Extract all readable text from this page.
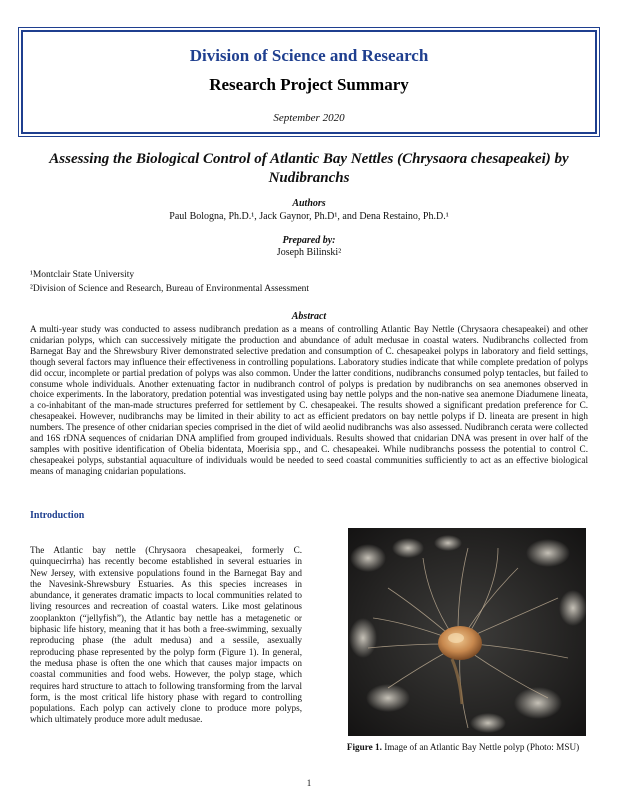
Division of Science and Research
Research Project Summary
September 2020
Assessing the Biological Control of Atlantic Bay Nettles (Chrysaora chesapeakei) by Nudibranchs
Authors
Paul Bologna, Ph.D.¹, Jack Gaynor, Ph.D¹, and Dena Restaino, Ph.D.¹
Prepared by:
Joseph Bilinski²
¹Montclair State University
²Division of Science and Research, Bureau of Environmental Assessment
Abstract

A multi-year study was conducted to assess nudibranch predation as a means of controlling Atlantic Bay Nettle (Chrysaora chesapeakei) and other cnidarian polyps, which can successively mitigate the production and abundance of adult medusae in coastal waters. Nudibranchs collected from Barnegat Bay and the Shrewsbury River demonstrated selective predation and consumption of C. chesapeakei polyps in laboratory and field settings, though several factors may influence their effectiveness in controlling populations. Laboratory studies indicate that while complete predation of polyps did occur, incomplete or partial predation of polyps was also common. Under the latter conditions, nudibranchs consumed polyp tentacles, but failed to consume whole individuals. Another extenuating factor in nudibranch control of polyps is predation by nudibranchs on sea anemones observed in choice experiments. In the laboratory, predation potential was investigated using bay nettle polyps and the non-native sea anemone Diadumene lineata, a co-inhabitant of the man-made structures preferred for settlement by C. chesapeakei. The results showed a significant predation preference for C. chesapeakei. However, nudibranchs may be limited in their ability to act as efficient predators on bay nettle polyps if D. lineata are present in high numbers. The presence of other cnidarian species comprised in the diet of wild aeolid nudibranchs was also assessed. Nudibranch cerata were collected and 16S rDNA sequences of cnidarian DNA amplified from grouped individuals. Results showed that cnidarian DNA was present in over half of the samples with positive identification of Obelia bidentata, Moerisia spp., and C. chesapeakei. While nudibranchs possess the potential to control C. chesapeakei polyps, substantial aquaculture of individuals would be needed to seed coastal communities sufficiently to act as an effective biological means of managing cnidarian populations.

Introduction

The Atlantic bay nettle (Chrysaora chesapeakei, formerly C. quinquecirrha) has recently become established in several estuaries in New Jersey, with extensive populations found in the Barnegat Bay and the Navesink-Shrewsbury Estuaries. As this species increases in abundance, it generates dramatic impacts to local communities related to living resources and recreation of coastal waters. Like most gelatinous zooplankton (“jellyfish”), the Atlantic bay nettle has a metagenetic or biphasic life history, meaning that it has both a free-swimming, sexually reproducing phase (the adult medusa) and a sessile, asexually reproducing phase represented by the polyp form (Figure 1). In general, the medusa phase is often the one which that causes major impacts on coastal communities and food webs. However, the polyp stage, which requires hard structure to attach to following transforming from the larval form, is the most critical life history phase with regard to controlling populations. Each polyp can actively clone to produce more polyps, which ultimately produce more adult medusae.

Figure 1. Image of an Atlantic Bay Nettle polyp (Photo: MSU)
1
